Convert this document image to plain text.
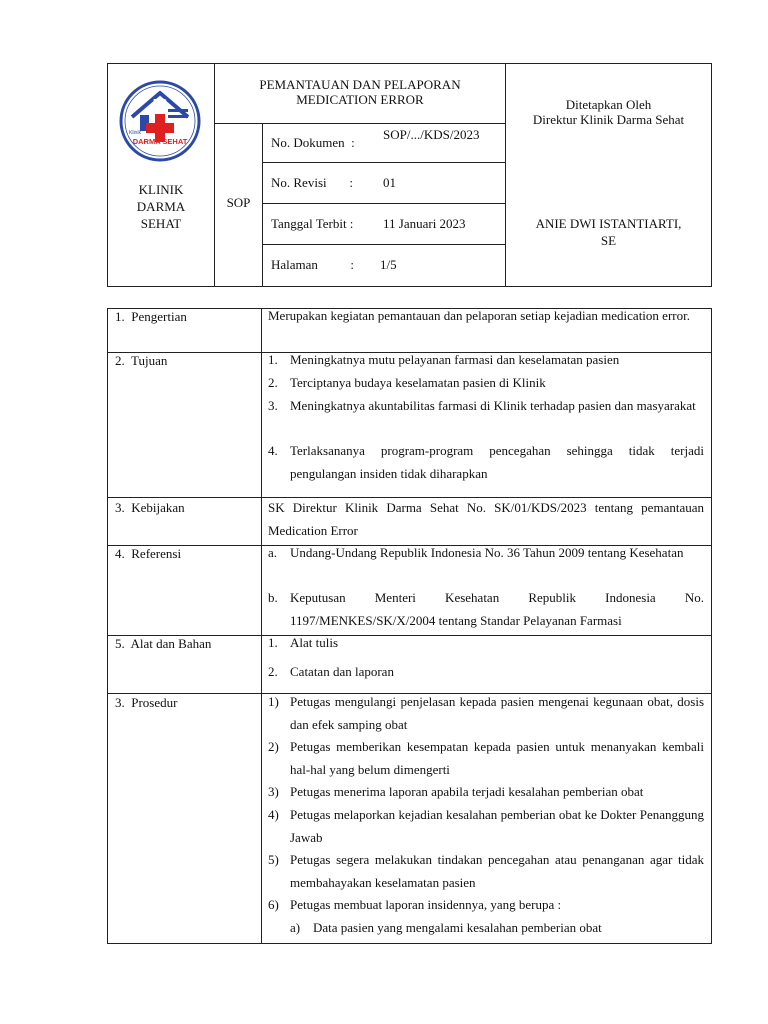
DS
Klinik
DARMA SEHAT
KLINIK
DARMA
SEHAT
SOP
PEMANTAUAN DAN PELAPORAN
MEDICATION ERROR
No. Dokumen  :
SOP/.../KDS/2023
No. Revisi       : 01
Tanggal Terbit : 11 Januari 2023
Halaman          : 1/5
Ditetapkan Oleh
Direktur Klinik Darma Sehat
ANIE DWI ISTANTIARTI,
SE
1.  Pengertian	Merupakan kegiatan pemantauan dan pelaporan setiap kejadian medication error.
2.  Tujuan	1. Meningkatnya mutu pelayanan farmasi dan keselamatan pasien
2. Terciptanya budaya keselamatan pasien di Klinik
3. Meningkatnya akuntabilitas farmasi di Klinik terhadap pasien dan masyarakat
4. Terlaksananya program-program pencegahan sehingga tidak terjadi pengulangan insiden tidak diharapkan
3.  Kebijakan	SK Direktur Klinik Darma Sehat No. SK/01/KDS/2023 tentang pemantauan Medication Error
4.  Referensi	a. Undang-Undang Republik Indonesia No. 36 Tahun 2009 tentang Kesehatan
b. Keputusan Menteri Kesehatan Republik Indonesia No. 1197/MENKES/SK/X/2004 tentang Standar Pelayanan Farmasi
5.  Alat dan Bahan	1. Alat tulis
2. Catatan dan laporan
3.  Prosedur	1) Petugas mengulangi penjelasan kepada pasien mengenai kegunaan obat, dosis dan efek samping obat
2) Petugas memberikan kesempatan kepada pasien untuk menanyakan kembali hal-hal yang belum dimengerti
3) Petugas menerima laporan apabila terjadi kesalahan pemberian obat
4) Petugas melaporkan kejadian kesalahan pemberian obat ke Dokter Penanggung Jawab
5) Petugas segera melakukan tindakan pencegahan atau penanganan agar tidak membahayakan keselamatan pasien
6) Petugas membuat laporan insidennya, yang berupa :
a) Data pasien yang mengalami kesalahan pemberian obat
